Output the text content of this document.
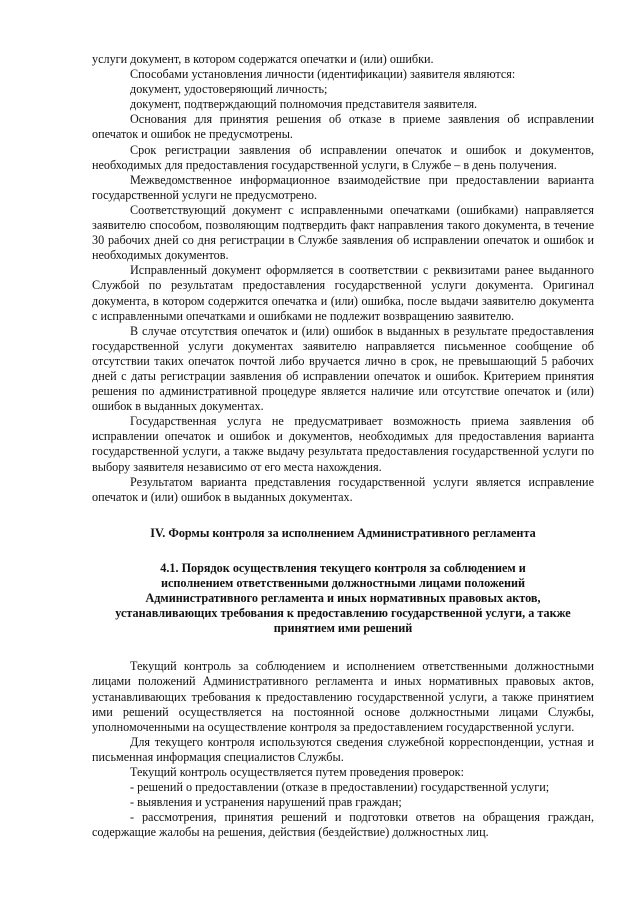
услуги документ, в котором содержатся опечатки и (или) ошибки.

Способами установления личности (идентификации) заявителя являются:

документ, удостоверяющий личность;

документ, подтверждающий полномочия представителя заявителя.

Основания для принятия решения об отказе в приеме заявления об исправлении опечаток и ошибок не предусмотрены.

Срок регистрации заявления об исправлении опечаток и ошибок и документов, необходимых для предоставления государственной услуги, в Службе – в день получения.

Межведомственное информационное взаимодействие при предоставлении варианта государственной услуги не предусмотрено.

Соответствующий документ с исправленными опечатками (ошибками) направляется заявителю способом, позволяющим подтвердить факт направления такого документа, в течение 30 рабочих дней со дня регистрации в Службе заявления об исправлении опечаток и ошибок и необходимых документов.

Исправленный документ оформляется в соответствии с реквизитами ранее выданного Службой по результатам предоставления государственной услуги документа. Оригинал документа, в котором содержится опечатка и (или) ошибка, после выдачи заявителю документа с исправленными опечатками и ошибками не подлежит возвращению заявителю.

В случае отсутствия опечаток и (или) ошибок в выданных в результате предоставления государственной услуги документах заявителю направляется письменное сообщение об отсутствии таких опечаток почтой либо вручается лично в срок, не превышающий 5 рабочих дней с даты регистрации заявления об исправлении опечаток и ошибок. Критерием принятия решения по административной процедуре является наличие или отсутствие опечаток и (или) ошибок в выданных документах.

Государственная услуга не предусматривает возможность приема заявления об исправлении опечаток и ошибок и документов, необходимых для предоставления варианта государственной услуги, а также выдачу результата предоставления государственной услуги по выбору заявителя независимо от его места нахождения.

Результатом варианта представления государственной услуги является исправление опечаток и (или) ошибок в выданных документах.

IV. Формы контроля за исполнением Административного регламента
4.1. Порядок осуществления текущего контроля за соблюдением и
исполнением ответственными должностными лицами положений
Административного регламента и иных нормативных правовых актов,
устанавливающих требования к предоставлению государственной услуги, а также
принятием ими решений

Текущий контроль за соблюдением и исполнением ответственными должностными лицами положений Административного регламента и иных нормативных правовых актов, устанавливающих требования к предоставлению государственной услуги, а также принятием ими решений осуществляется на постоянной основе должностными лицами Службы, уполномоченными на осуществление контроля за предоставлением государственной услуги.

Для текущего контроля используются сведения служебной корреспонденции, устная и письменная информация специалистов Службы.

Текущий контроль осуществляется путем проведения проверок:

- решений о предоставлении (отказе в предоставлении) государственной услуги;

- выявления и устранения нарушений прав граждан;

- рассмотрения, принятия решений и подготовки ответов на обращения граждан, содержащие жалобы на решения, действия (бездействие) должностных лиц.
